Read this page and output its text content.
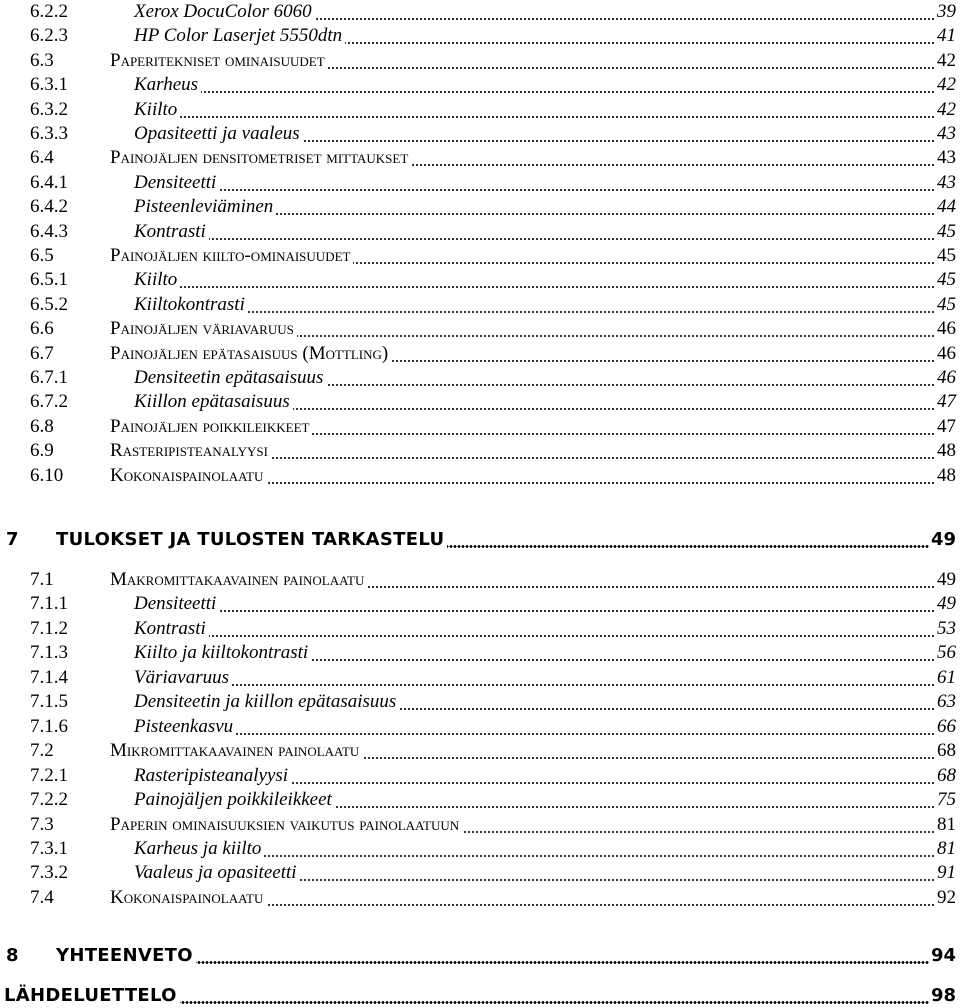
6.2.2	Xerox DocuColor 6060	39
6.2.3	HP Color Laserjet 5550dtn	41
6.3	Paperitekniset ominaisuudet	42
6.3.1	Karheus	42
6.3.2	Kiilto	42
6.3.3	Opasiteetti ja vaaleus	43
6.4	Painojäljen densitometriset mittaukset	43
6.4.1	Densiteetti	43
6.4.2	Pisteenleviäminen	44
6.4.3	Kontrasti	45
6.5	Painojäljen kiilto-ominaisuudet	45
6.5.1	Kiilto	45
6.5.2	Kiiltokontrasti	45
6.6	Painojäljen väriavaruus	46
6.7	Painojäljen epätasaisuus (Mottling)	46
6.7.1	Densiteetin epätasaisuus	46
6.7.2	Kiillon epätasaisuus	47
6.8	Painojäljen poikkileikkeet	47
6.9	Rasteripisteanalyysi	48
6.10 Kokonaispainolaatu	48
7 TULOKSET JA TULOSTEN TARKASTELU	49
7.1	Makromittakaavainen painolaatu	49
7.1.1	Densiteetti	49
7.1.2	Kontrasti	53
7.1.3	Kiilto ja kiiltokontrasti	56
7.1.4	Väriavaruus	61
7.1.5	Densiteetin ja kiillon epätasaisuus	63
7.1.6	Pisteenkasvu	66
7.2	Mikromittakaavainen painolaatu	68
7.2.1	Rasteripisteanalyysi	68
7.2.2	Painojäljen poikkileikkeet	75
7.3	Paperin ominaisuuksien vaikutus painolaatuun	81
7.3.1	Karheus ja kiilto	81
7.3.2	Vaaleus ja opasiteetti	91
7.4	Kokonaispainolaatu	92
8 YHTEENVETO	94
LÄHDELUETTELO	98
